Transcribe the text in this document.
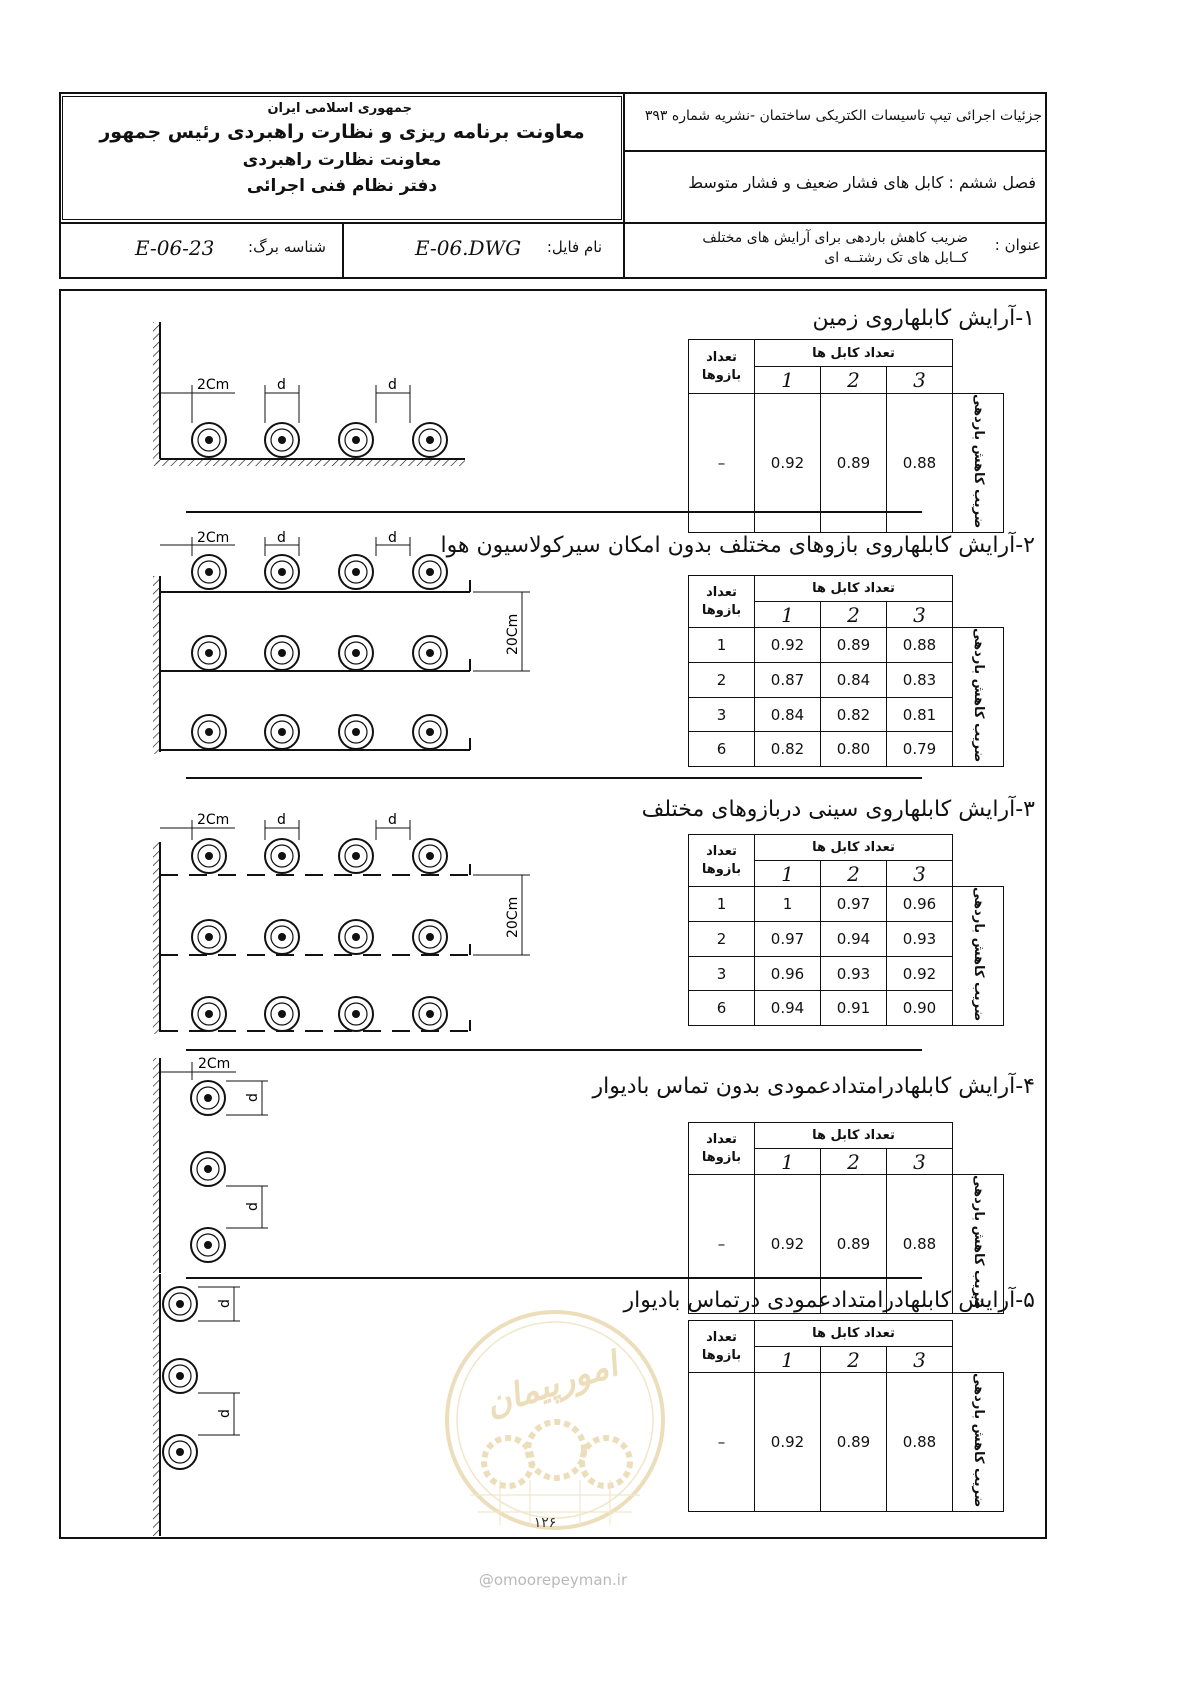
جمهوری اسلامی ایران
معاونت برنامه ریزی و نظارت راهبردی رئیس جمهور
معاونت نظارت راهبردی
دفتر نظام فنی اجرائی
جزئیات اجرائی تیپ تاسیسات الکتریکی ساختمان -نشریه شماره ۳۹۳
فصل ششم : کابل های فشار ضعیف و فشار متوسط
عنوان :
ضریب کاهش باردهی برای آرایش های مختلف
کــابل های تک رشتــه ای
نام فایل:
E-06.DWG
شناسه برگ:
E-06-23
۱-آرایش کابلهاروی زمین
۲-آرایش کابلهاروی بازوهای مختلف بدون امکان سیرکولاسیون هوا
۳-آرایش کابلهاروی سینی دربازوهای مختلف
۴-آرایش کابلهادرامتدادعمودی بدون تماس بادیوار
۵-آرایش کابلهادرامتدادعمودی درتماس بادیوار
تعداد
بازوها	تعداد کابل ها			
	1	2	3	
–	0.92	0.89	0.88	ضریب کاهش باردهی
تعداد
بازوها	تعداد کابل ها			
	1	2	3	
1	0.92	0.89	0.88	ضریب کاهش باردهی
2	0.87	0.84	0.83	
3	0.84	0.82	0.81	
6	0.82	0.80	0.79	
تعداد
بازوها	تعداد کابل ها			
	1	2	3	
1	1	0.97	0.96	ضریب کاهش باردهی
2	0.97	0.94	0.93	
3	0.96	0.93	0.92	
6	0.94	0.91	0.90	
تعداد
بازوها	تعداد کابل ها			
	1	2	3	
–	0.92	0.89	0.88	ضریب کاهش باردهی
تعداد
بازوها	تعداد کابل ها			
	1	2	3	
–	0.92	0.89	0.88	ضریب کاهش باردهی
2Cm	d	d
2Cm	d	d
20Cm
2Cm	d	d
20Cm
2Cm
d
d
d
d	امورپیمان
۱۲۶
@omoorepeyman.ir
